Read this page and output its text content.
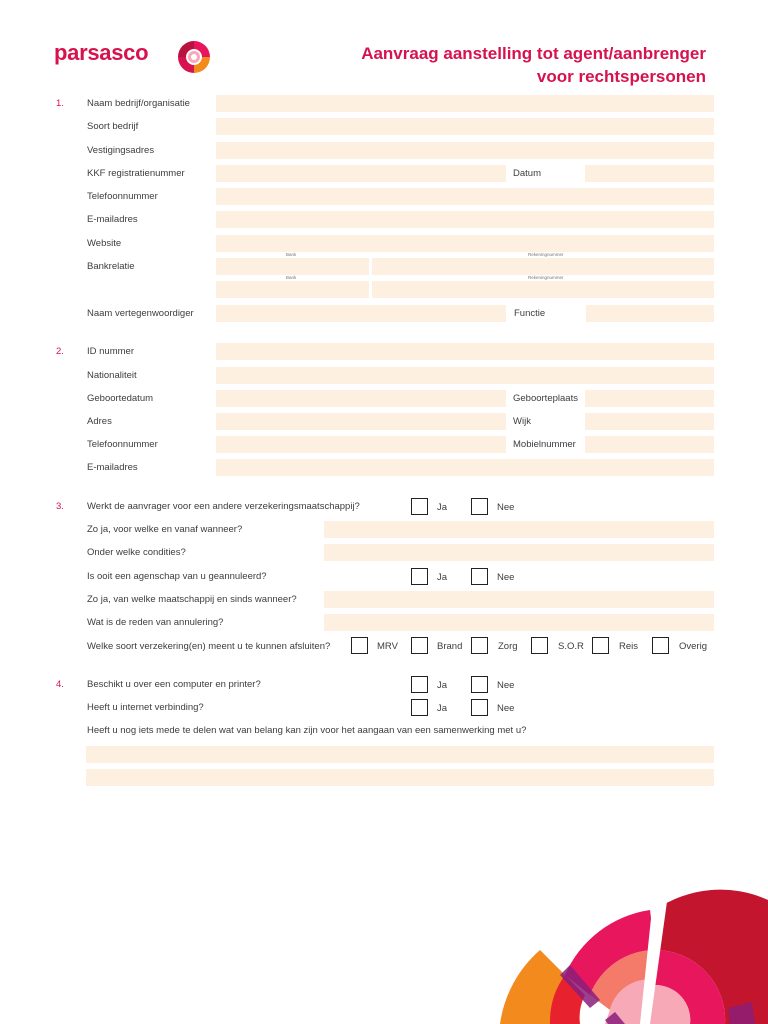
parsasco	Aanvraag aanstelling tot agent/aanbrenger
voor rechtspersonen
1. Naam bedrijf/organisatie
Soort bedrijf
Vestigingsadres
KKF registratienummer	Datum
Telefoonnummer
E-mailadres
Website
Bankrelatie
Bank	Rekeningnummer
Bank	Rekeningnummer
Naam vertegenwoordiger	Functie
2. ID nummer
Nationaliteit
Geboortedatum	Geboorteplaats
Adres	Wijk
Telefoonnummer	Mobielnummer
E-mailadres
3. Werkt de aanvrager voor een andere verzekeringsmaatschappij?	Ja	Nee
Zo ja, voor welke en vanaf wanneer?
Onder welke condities?
Is ooit een agenschap van u geannuleerd?	Ja	Nee
Zo ja, van welke maatschappij en sinds wanneer?
Wat is de reden van annulering?
Welke soort verzekering(en) meent u te kunnen afsluiten?	MRV	Brand	Zorg	S.O.R	Reis	Overig
4. Beschikt u over een computer en printer?	Ja	Nee
Heeft u internet verbinding?	Ja	Nee
Heeft u nog iets mede te delen wat van belang kan zijn voor het aangaan van een samenwerking met u?
